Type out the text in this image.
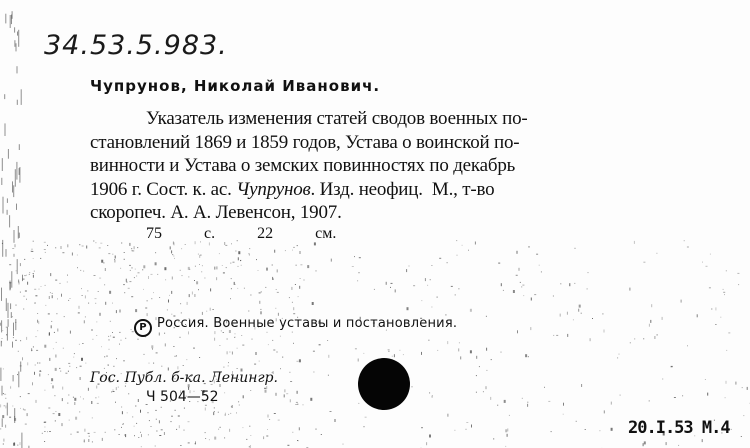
34.53.5.983.
Чупрунов, Николай Иванович.
Указатель изменения статей сводов военных по-
становлений 1869 и 1859 годов, Устава о воинской по-
винности и Устава о земских повинностях по декабрь
1906 г. Сост. к. ас. Чупрунов. Изд. неофиц.  М., т-во
скоропеч. А. А. Левенсон, 1907.
75 с. 22 см.
Р Россия. Военные уставы и постановления.
Гос. Публ. б-ка. Ленингр.
Ч 504—52
20.I.53 М.4
